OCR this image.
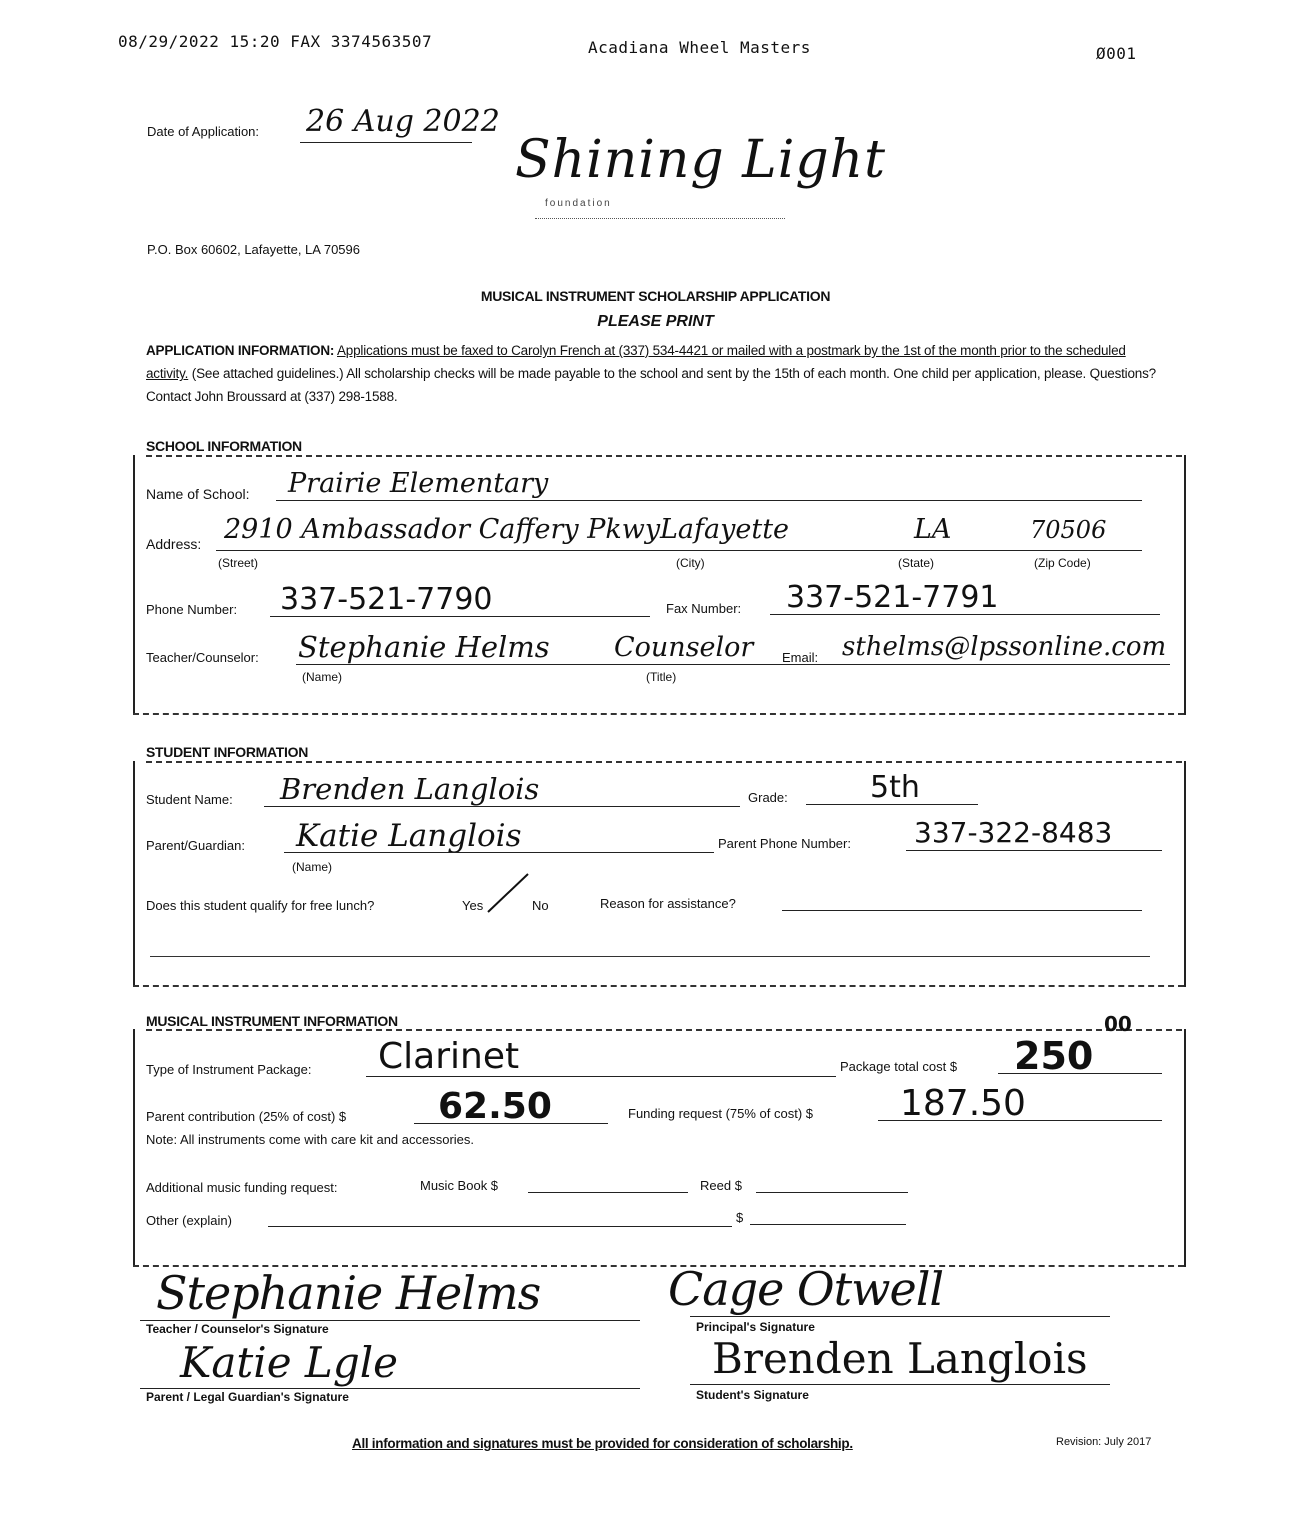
08/29/2022 15:20 FAX 3374563507	Acadiana Wheel Masters	Ø001
Date of Application: 26 Aug 2022
Shining Light
foundation
P.O. Box 60602, Lafayette, LA 70596
MUSICAL INSTRUMENT SCHOLARSHIP APPLICATION
PLEASE PRINT
APPLICATION INFORMATION: Applications must be faxed to Carolyn French at (337) 534-4421 or mailed with a postmark by the 1st of the month prior to the scheduled activity. (See attached guidelines.) All scholarship checks will be made payable to the school and sent by the 15th of each month. One child per application, please. Questions? Contact John Broussard at (337) 298-1588.
SCHOOL INFORMATION
Name of School: Prairie Elementary
Address: 2910 Ambassador Caffery Pkwy Lafayette	LA	70506
(Street)	(City)	(State)	(Zip Code)
Phone Number: 337-521-7790	Fax Number: 337-521-7791
Teacher/Counselor: Stephanie Helms Counselor Email: sthelms@lpssonline.com
(Name)	(Title)
STUDENT INFORMATION
Student Name: Brenden Langlois	Grade:	5th
Parent/Guardian: Katie Langlois
(Name)
Parent Phone Number: 337-322-8483
Does this student qualify for free lunch?	Yes	No	Reason for assistance?
MUSICAL INSTRUMENT INFORMATION
Type of Instrument Package: Clarinet	Package total cost $ 250
00
Parent contribution (25% of cost) $	62.50	Funding request (75% of cost) $ 187.50
Note: All instruments come with care kit and accessories.
Additional music funding request:	Music Book $	Reed $
Other (explain)	$
Stephanie Helms
Teacher / Counselor's Signature
Cage Otwell
Principal's Signature
Katie Lgle
Parent / Legal Guardian's Signature
Brenden Langlois
Student's Signature
All information and signatures must be provided for consideration of scholarship.	Revision: July 2017
